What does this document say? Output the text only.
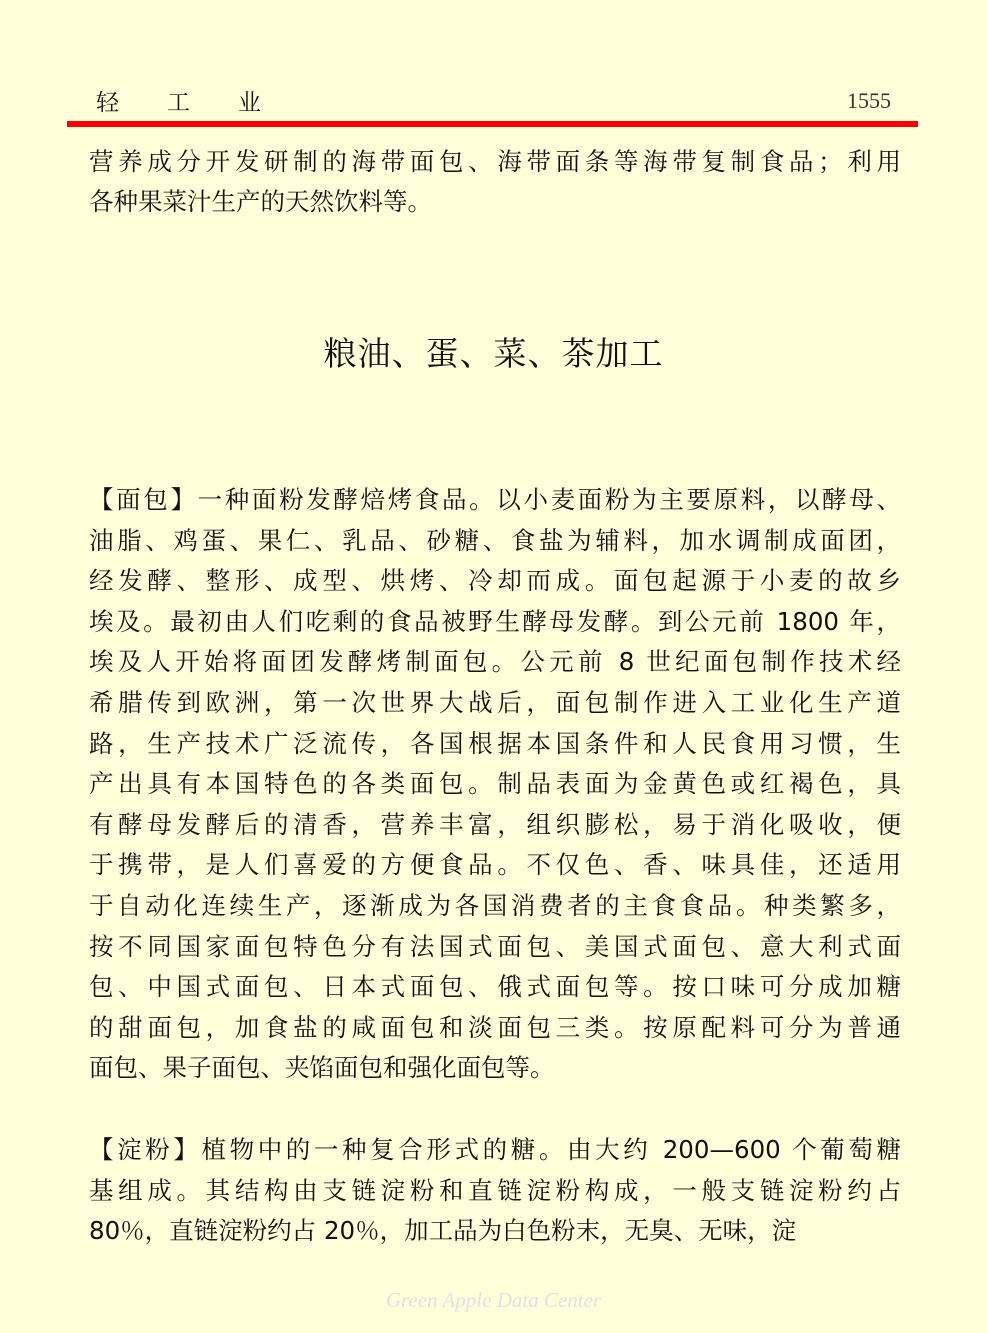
轻 工 业	1555
营养成分开发研制的海带面包、海带面条等海带复制食品；利用
各种果菜汁生产的天然饮料等。
粮油、蛋、菜、茶加工
【面包】一种面粉发酵焙烤食品。以小麦面粉为主要原料，以酵母、
油脂、鸡蛋、果仁、乳品、砂糖、食盐为辅料，加水调制成面团，
经发酵、整形、成型、烘烤、冷却而成。面包起源于小麦的故乡
埃及。最初由人们吃剩的食品被野生酵母发酵。到公元前 1800 年，
埃及人开始将面团发酵烤制面包。公元前 8 世纪面包制作技术经
希腊传到欧洲，第一次世界大战后，面包制作进入工业化生产道
路，生产技术广泛流传，各国根据本国条件和人民食用习惯，生
产出具有本国特色的各类面包。制品表面为金黄色或红褐色，具
有酵母发酵后的清香，营养丰富，组织膨松，易于消化吸收，便
于携带，是人们喜爱的方便食品。不仅色、香、味具佳，还适用
于自动化连续生产，逐渐成为各国消费者的主食食品。种类繁多，
按不同国家面包特色分有法国式面包、美国式面包、意大利式面
包、中国式面包、日本式面包、俄式面包等。按口味可分成加糖
的甜面包，加食盐的咸面包和淡面包三类。按原配料可分为普通
面包、果子面包、夹馅面包和强化面包等。
【淀粉】植物中的一种复合形式的糖。由大约 200—600 个葡萄糖
基组成。其结构由支链淀粉和直链淀粉构成，一般支链淀粉约占
80％，直链淀粉约占 20％，加工品为白色粉末，无臭、无味，淀
Green Apple Data Center
